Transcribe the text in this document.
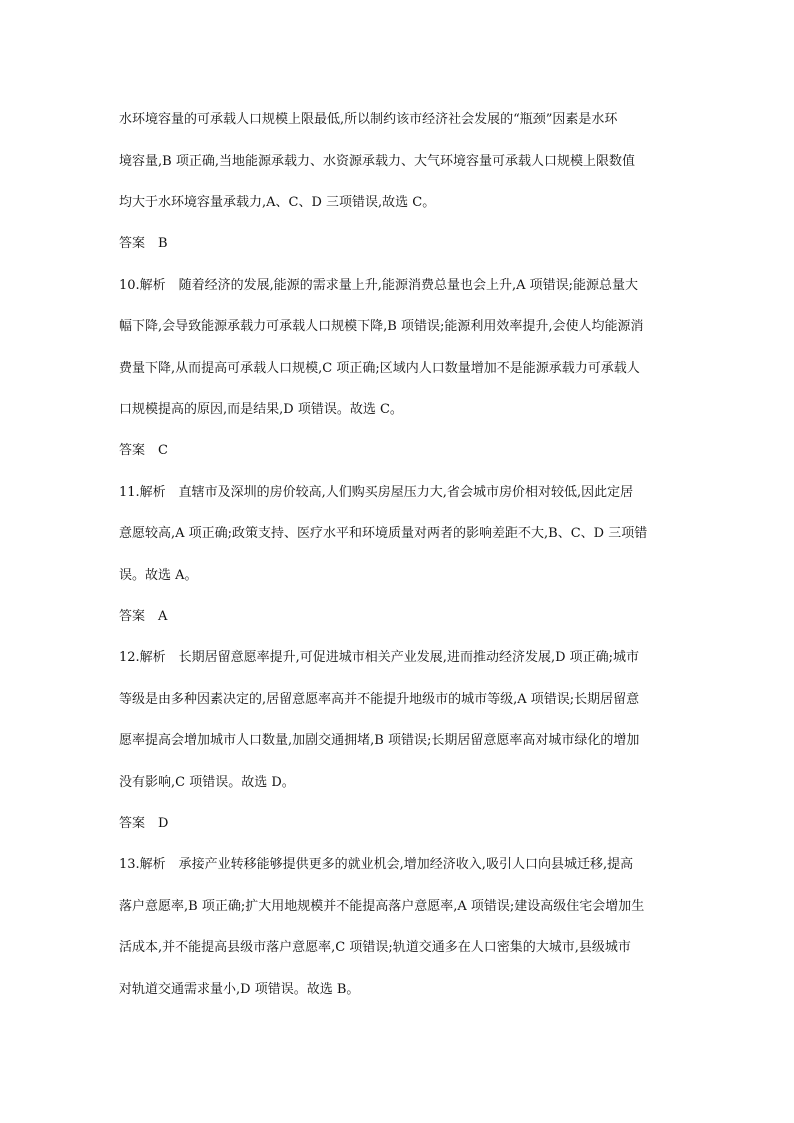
水环境容量的可承载人口规模上限最低,所以制约该市经济社会发展的“瓶颈”因素是水环
境容量,B 项正确,当地能源承载力、水资源承载力、大气环境容量可承载人口规模上限数值
均大于水环境容量承载力,A、C、D 三项错误,故选 C。
答案　B
10.解析　随着经济的发展,能源的需求量上升,能源消费总量也会上升,A 项错误;能源总量大
幅下降,会导致能源承载力可承载人口规模下降,B 项错误;能源利用效率提升,会使人均能源消
费量下降,从而提高可承载人口规模,C 项正确;区域内人口数量增加不是能源承载力可承载人
口规模提高的原因,而是结果,D 项错误。故选 C。
答案　C
11.解析　直辖市及深圳的房价较高,人们购买房屋压力大,省会城市房价相对较低,因此定居
意愿较高,A 项正确;政策支持、医疗水平和环境质量对两者的影响差距不大,B、C、D 三项错
误。故选 A。
答案　A
12.解析　长期居留意愿率提升,可促进城市相关产业发展,进而推动经济发展,D 项正确;城市
等级是由多种因素决定的,居留意愿率高并不能提升地级市的城市等级,A 项错误;长期居留意
愿率提高会增加城市人口数量,加剧交通拥堵,B 项错误;长期居留意愿率高对城市绿化的增加
没有影响,C 项错误。故选 D。
答案　D
13.解析　承接产业转移能够提供更多的就业机会,增加经济收入,吸引人口向县城迁移,提高
落户意愿率,B 项正确;扩大用地规模并不能提高落户意愿率,A 项错误;建设高级住宅会增加生
活成本,并不能提高县级市落户意愿率,C 项错误;轨道交通多在人口密集的大城市,县级城市
对轨道交通需求量小,D 项错误。故选 B。
